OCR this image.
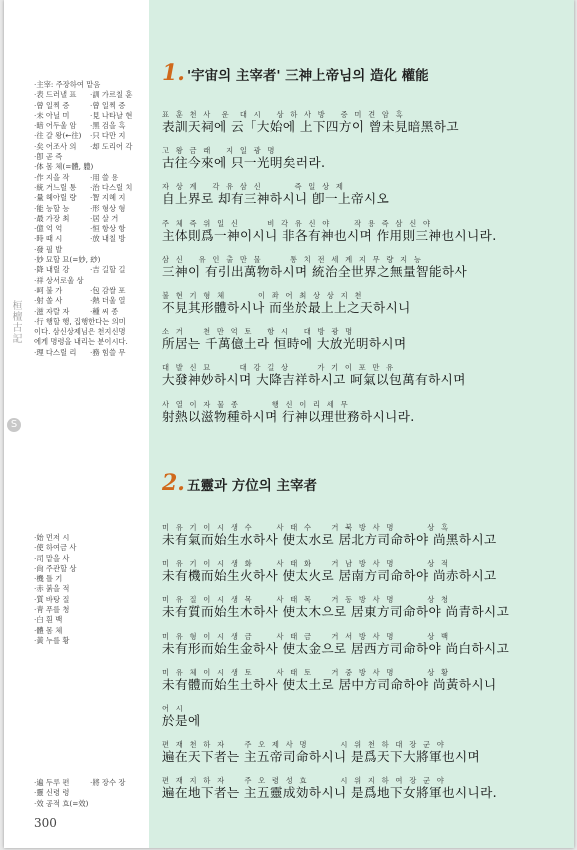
桓檀古記
S
·主宰: 주장하여 맡음
·表 드러낼 표	·訓 가르칠 훈
·曾 일찍 증	·曾 일찍 증
·未 아닐 미	·見 나타날 현
·暗 어두울 암	·黑 검을 흑
·往 갈 왕(←往)	·只 다만 지
·矣 어조사 의	·却 도리어 각
·卽 곧 즉
·体 몸 체(=體, 軆)
·作 지을 작	·用 쓸 용
·統 거느릴 통	·治 다스릴 치
·量 헤아릴 량	·智 지혜 지
·能 능할 능	·形 형상 형
·最 가장 최	·居 살 거
·億 억 억	·恒 항상 항
·時 때 시	·放 내칠 방
·發 필 발
·妙 묘할 묘(=妙, 玅)
·降 내릴 강	·吉 길할 길
·祥 상서로울 상
·呵 불 가	·包 감쌀 포
·射 쏠 사	·熱 더울 열
·滋 자랄 자	·種 씨 종
·行 행할 행, 집행한다는 의미
이다. 삼신상제님은 천지신명
에게 명령을 내리는 분이시다.
·理 다스릴 리	·務 힘쓸 무
·始 먼저 시
·使 하여금 사
·司 맡을 사
·尙 주관할 상
·機 틀 기
·赤 붉을 적
·質 바탕 질
·靑 푸를 청
·白 흰 백
·體 몸 체
·黃 누를 황
·遍 두루 편	·將 장수 장
·靈 신령 령
·效 공적 효(=效)
300
1. '宇宙의 主宰者' 三神上帝님의 造化 權能
표 훈 천 사  운  대 시   상 하 사 방   증 미 견 암 흑
表訓天祠에 云「大始에 上下四方이 曾未見暗黑하고
고 왕 금 래   지 일 광 명
古往今來에 只一光明矣러라.
자 상 계   각 유 삼 신       즉 일 상 제
自上界로 却有三神하시니 卽一上帝시오
주 체 즉 위 일 신      비 각 유 신 야     작 용 즉 삼 신 야
主体則爲一神이시니 非各有神也시며 作用則三神也시니라.
삼 신   유 인 출 만 물      통 치 전 세 계 지 무 량 지 능
三神이 有引出萬物하시며 統治全世界之無量智能하사
불 현 기 형 체       이 좌 어 최 상 상 지 천
不見其形體하시나 而坐於最上上之天하시니
소 거    천 만 억 토   항 시   대 방 광 명
所居는 千萬億土라 恒時에 大放光明하시며
대 발 신 묘      대 강 길 상      가 기 이 포 만 유
大發神妙하시며 大降吉祥하시고 呵氣以包萬有하시며
사 열 이 자 물 종       행 신 이 리 세 무
射熱以滋物種하시며 行神以理世務하시니라.
2. 五靈과 方位의 主宰者
미 유 기 이 시 생 수     사 태 수    거 북 방 사 명       상 흑
未有氣而始生水하사 使太水로 居北方司命하야 尚黑하시고
미 유 기 이 시 생 화     사 태 화    거 남 방 사 명       상 적
未有機而始生火하사 使太火로 居南方司命하야 尚赤하시고
미 유 질 이 시 생 목     사 태 목    거 동 방 사 명       상 청
未有質而始生木하사 使太木으로 居東方司命하야 尚青하시고
미 유 형 이 시 생 금     사 태 금    거 서 방 사 명       상 백
未有形而始生金하사 使太金으로 居西方司命하야 尚白하시고
미 유 체 이 시 생 토     사 태 토    거 중 방 사 명       상 황
未有體而始生土하사 使太土로 居中方司命하야 尚黃하시니
어 시
於是에
편 재 천 하 자    주 오 제 사 명       시 위 천 하 대 장 군 야
遍在天下者는 主五帝司命하시니 是爲天下大將軍也시며
편 재 지 하 자    주 오 령 성 효       시 위 지 하 여 장 군 야
遍在地下者는 主五靈成効하시니 是爲地下女將軍也시니라.
